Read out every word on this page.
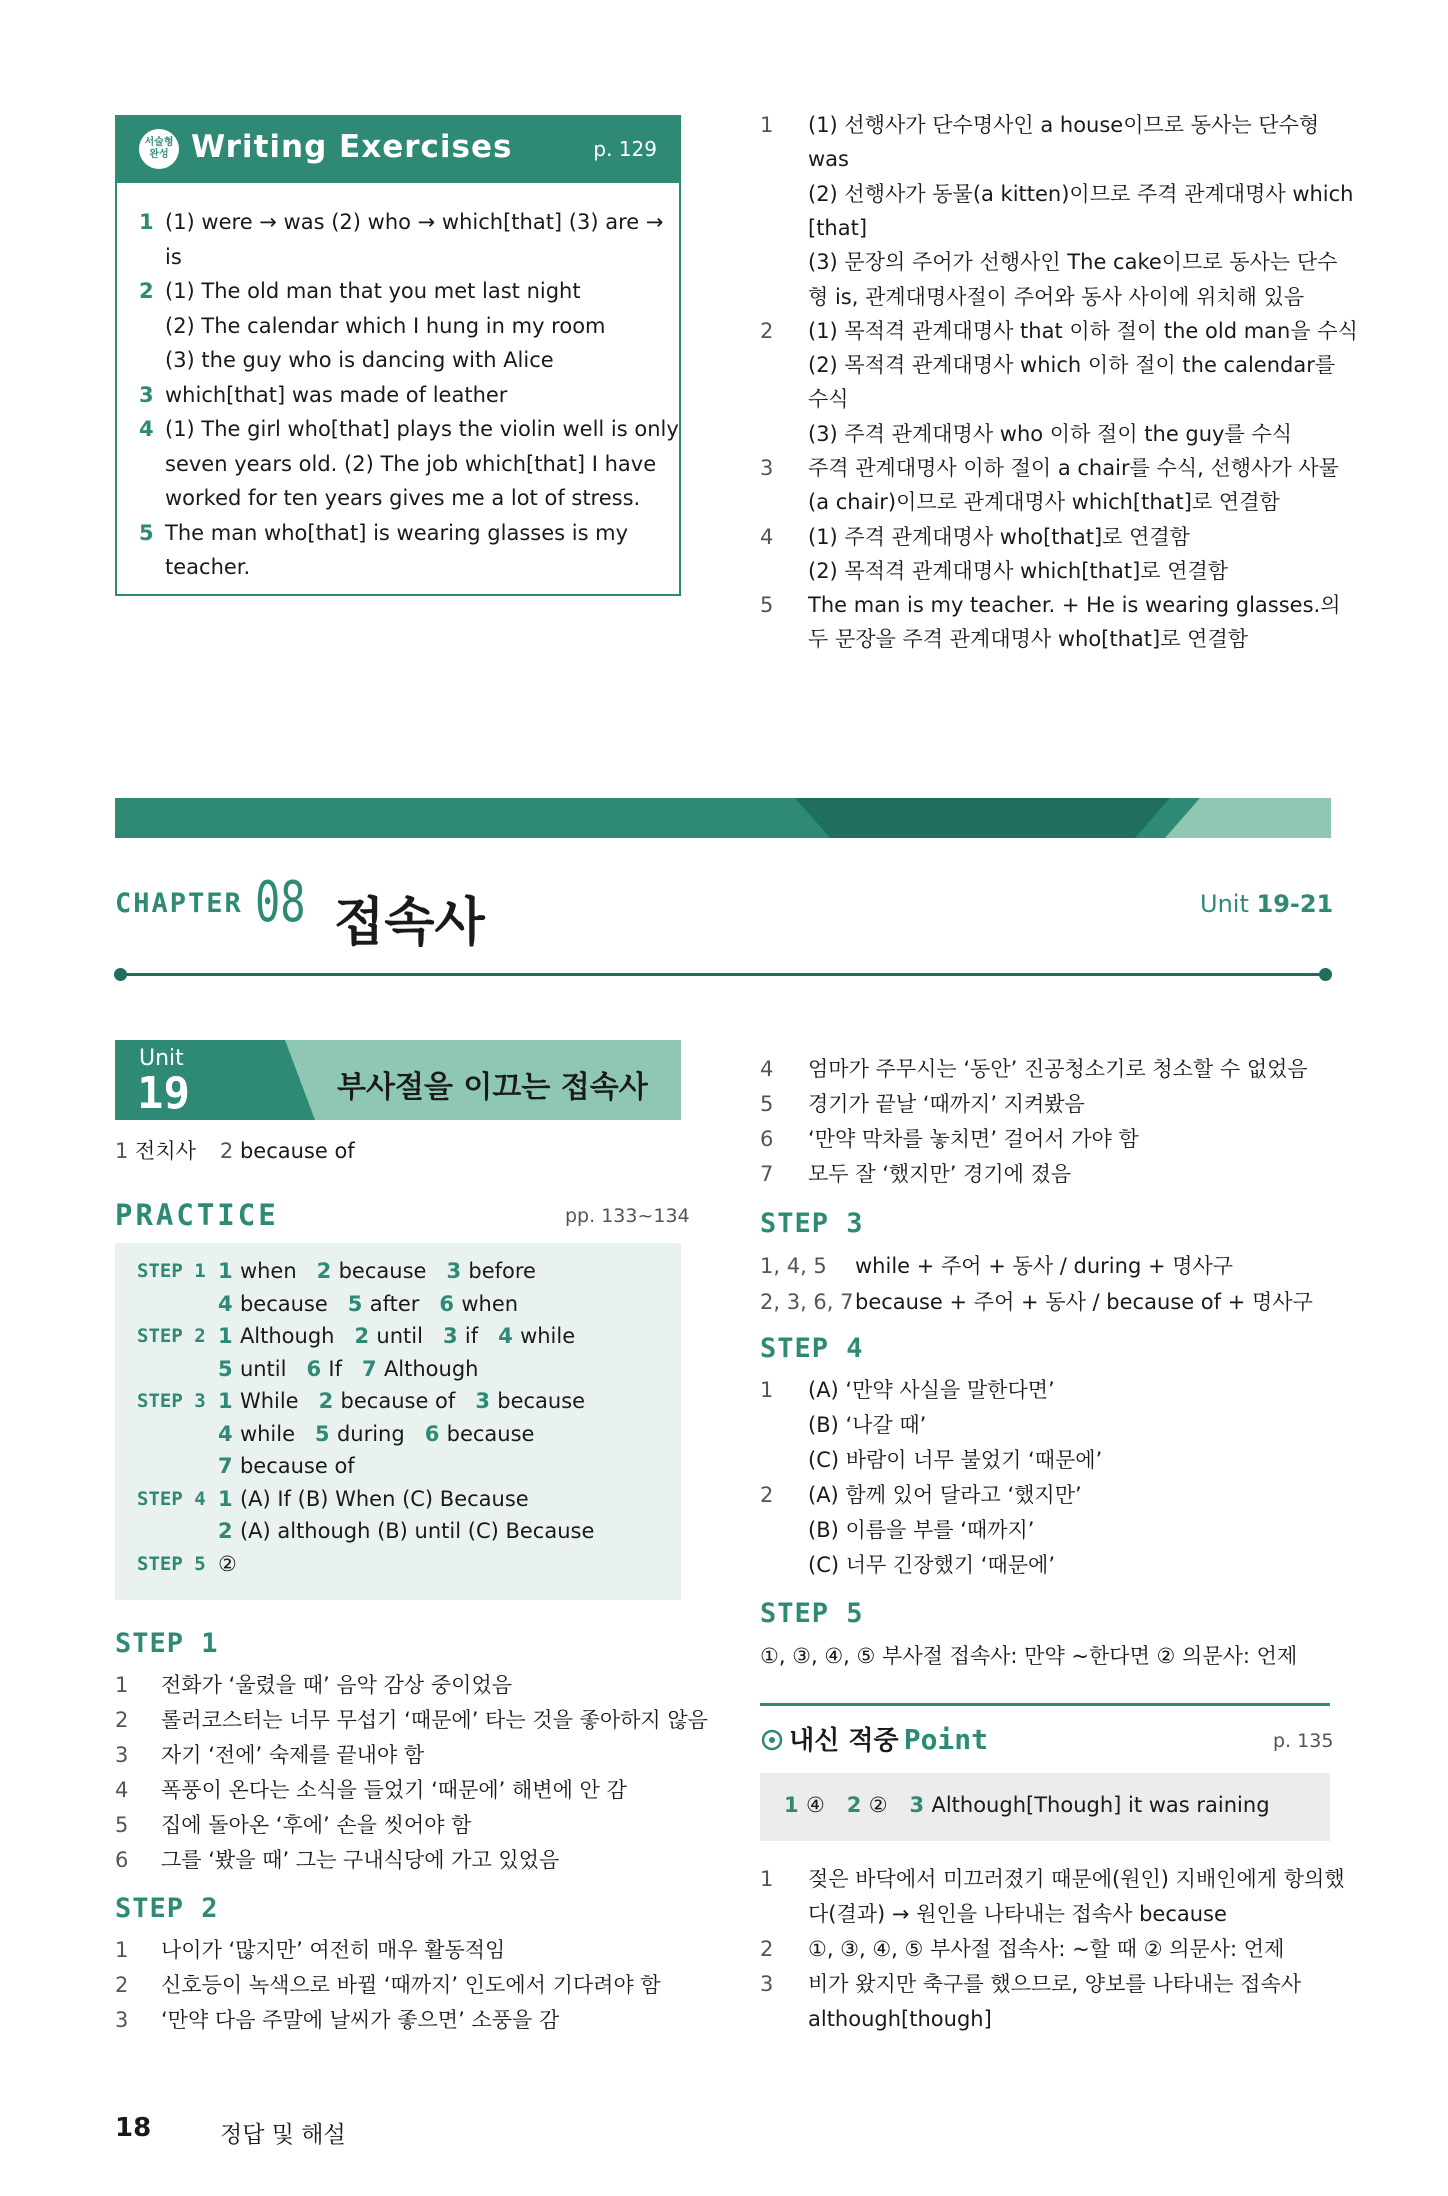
서술형 완성 Writing Exercises	p. 129
1 (1) were → was (2) who → which[that] (3) are →
is
2 (1) The old man that you met last night
(2) The calendar which I hung in my room
(3) the guy who is dancing with Alice
3 which[that] was made of leather
4 (1) The girl who[that] plays the violin well is only
seven years old. (2) The job which[that] I have
worked for ten years gives me a lot of stress.
5 The man who[that] is wearing glasses is my
teacher.
1 (1) 선행사가 단수명사인 a house이므로 동사는 단수형
was
(2) 선행사가 동물(a kitten)이므로 주격 관계대명사 which
[that]
(3) 문장의 주어가 선행사인 The cake이므로 동사는 단수
형 is, 관계대명사절이 주어와 동사 사이에 위치해 있음
2 (1) 목적격 관계대명사 that 이하 절이 the old man을 수식
(2) 목적격 관계대명사 which 이하 절이 the calendar를
수식
(3) 주격 관계대명사 who 이하 절이 the guy를 수식
3 주격 관계대명사 이하 절이 a chair를 수식, 선행사가 사물
(a chair)이므로 관계대명사 which[that]로 연결함
4 (1) 주격 관계대명사 who[that]로 연결함
(2) 목적격 관계대명사 which[that]로 연결함
5 The man is my teacher. + He is wearing glasses.의
두 문장을 주격 관계대명사 who[that]로 연결함
CHAPTER 08 접속사	Unit 19-21
Unit
19	부사절을 이끄는 접속사
1 전치사 2 because of
PRACTICE	pp. 133~134
STEP 1 1 when 2 because 3 before
4 because 5 after 6 when
STEP 2 1 Although 2 until 3 if 4 while
5 until 6 If 7 Although
STEP 3 1 While 2 because of 3 because
4 while 5 during 6 because
7 because of
STEP 4 1 (A) If (B) When (C) Because
2 (A) although (B) until (C) Because
STEP 5 ②
STEP 1
1 전화가 ‘울렸을 때’ 음악 감상 중이었음
2 롤러코스터는 너무 무섭기 ‘때문에’ 타는 것을 좋아하지 않음
3 자기 ‘전에’ 숙제를 끝내야 함
4 폭풍이 온다는 소식을 들었기 ‘때문에’ 해변에 안 감
5 집에 돌아온 ‘후에’ 손을 씻어야 함
6 그를 ‘봤을 때’ 그는 구내식당에 가고 있었음
STEP 2
1 나이가 ‘많지만’ 여전히 매우 활동적임
2 신호등이 녹색으로 바뀔 ‘때까지’ 인도에서 기다려야 함
3 ‘만약 다음 주말에 날씨가 좋으면’ 소풍을 감
4 엄마가 주무시는 ‘동안’ 진공청소기로 청소할 수 없었음
5 경기가 끝날 ‘때까지’ 지켜봤음
6 ‘만약 막차를 놓치면’ 걸어서 가야 함
7 모두 잘 ‘했지만’ 경기에 졌음
STEP 3
1, 4, 5 while + 주어 + 동사 / during + 명사구
2, 3, 6, 7 because + 주어 + 동사 / because of + 명사구
STEP 4
1 (A) ‘만약 사실을 말한다면’
(B) ‘나갈 때’
(C) 바람이 너무 불었기 ‘때문에’
2 (A) 함께 있어 달라고 ‘했지만’
(B) 이름을 부를 ‘때까지’
(C) 너무 긴장했기 ‘때문에’
STEP 5
①, ③, ④, ⑤ 부사절 접속사: 만약 ~한다면 ② 의문사: 언제
내신 적중 Point	p. 135
1 ④ 2 ② 3 Although[Though] it was raining
1 젖은 바닥에서 미끄러졌기 때문에(원인) 지배인에게 항의했
다(결과) → 원인을 나타내는 접속사 because
2 ①, ③, ④, ⑤ 부사절 접속사: ~할 때 ② 의문사: 언제
3 비가 왔지만 축구를 했으므로, 양보를 나타내는 접속사
although[though]
18	정답 및 해설
